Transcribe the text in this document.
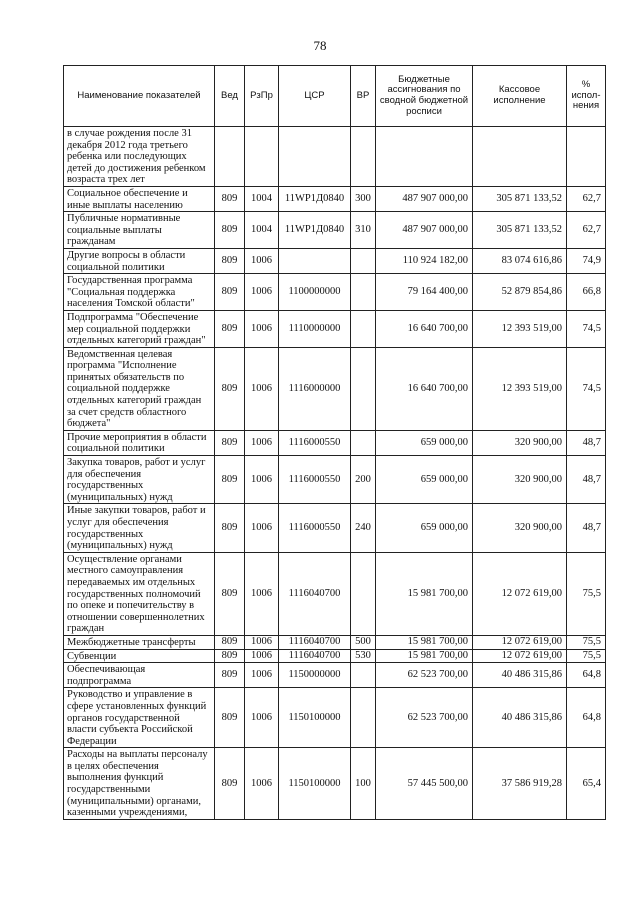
78
Наименование показателей	Вед	РзПр	ЦСР	ВР	Бюджетные ассигнования по сводной бюджетной росписи	Кассовое исполнение	% испол-нения
в случае рождения после 31 декабря 2012 года третьего ребенка или последующих детей до достижения ребенком возраста трех лет							
Социальное обеспечение и иные выплаты населению	809	1004	11WP1Д0840	300	487 907 000,00	305 871 133,52	62,7
Публичные нормативные социальные выплаты гражданам	809	1004	11WP1Д0840	310	487 907 000,00	305 871 133,52	62,7
Другие вопросы в области социальной политики	809	1006			110 924 182,00	83 074 616,86	74,9
Государственная программа "Социальная поддержка населения Томской области"	809	1006	1100000000		79 164 400,00	52 879 854,86	66,8
Подпрограмма "Обеспечение мер социальной поддержки отдельных категорий граждан"	809	1006	1110000000		16 640 700,00	12 393 519,00	74,5
Ведомственная целевая программа "Исполнение принятых обязательств по социальной поддержке отдельных категорий граждан за счет средств областного бюджета"	809	1006	1116000000		16 640 700,00	12 393 519,00	74,5
Прочие мероприятия в области социальной политики	809	1006	1116000550		659 000,00	320 900,00	48,7
Закупка товаров, работ и услуг для обеспечения государственных (муниципальных) нужд	809	1006	1116000550	200	659 000,00	320 900,00	48,7
Иные закупки товаров, работ и услуг для обеспечения государственных (муниципальных) нужд	809	1006	1116000550	240	659 000,00	320 900,00	48,7
Осуществление органами местного самоуправления передаваемых им отдельных государственных полномочий по опеке и попечительству в отношении совершеннолетних граждан	809	1006	1116040700		15 981 700,00	12 072 619,00	75,5
Межбюджетные трансферты	809	1006	1116040700	500	15 981 700,00	12 072 619,00	75,5
Субвенции	809	1006	1116040700	530	15 981 700,00	12 072 619,00	75,5
Обеспечивающая подпрограмма	809	1006	1150000000		62 523 700,00	40 486 315,86	64,8
Руководство и управление в сфере установленных функций органов государственной власти субъекта Российской Федерации	809	1006	1150100000		62 523 700,00	40 486 315,86	64,8
Расходы на выплаты персоналу в целях обеспечения выполнения функций государственными (муниципальными) органами, казенными учреждениями,	809	1006	1150100000	100	57 445 500,00	37 586 919,28	65,4
